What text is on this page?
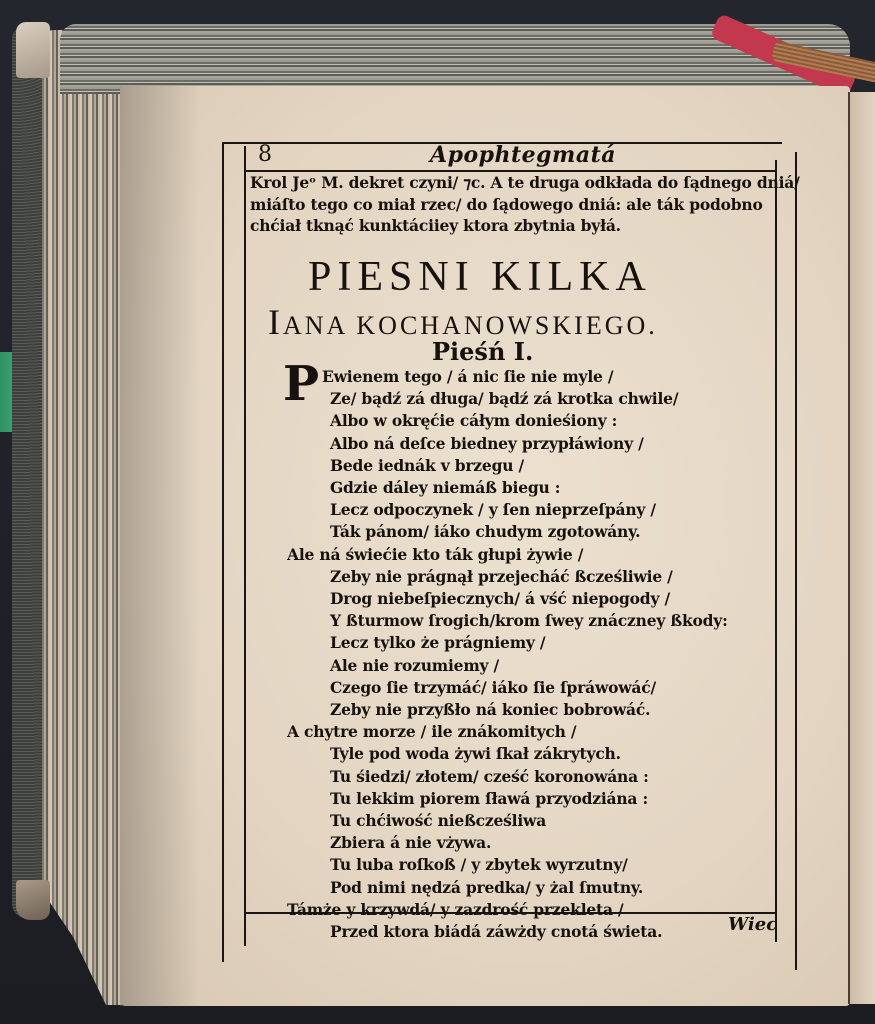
8	Apophtegmatá
Krol Jeᵒ M. dekret czyni/ ⁊c. A te druga odkłada do ſądnego dniá/
miáſto tego co miał rzec/ do ſądowego dniá: ale ták podobno
chćiał tknąć kunktáciiey ktora zbytnia byłá.
PIESNI KILKA
IANA KOCHANOWSKIEGO.
Pieśń I.
P Ewienem tego / á nic ſie nie myle /
Ze/ bądź zá długa/ bądź zá krotka chwile/
Albo w okręćie cáłym donieśiony :
Albo ná deſce biedney przypłáwiony /
Bede iednák v brzegu /
Gdzie dáley niemáß biegu :
Lecz odpoczynek / y ſen nieprzeſpány /
Ták pánom/ iáko chudym zgotowány.
Ale ná świećie kto ták głupi żywie /
Zeby nie prágnął przejecháć ßcześliwie /
Drog niebeſpiecznych/ á vść niepogody /
Y ßturmow ſrogich/krom ſwey znáczney ßkody:
Lecz tylko że prágniemy /
Ale nie rozumiemy /
Czego ſie trzymáć/ iáko ſie ſpráwowáć/
Zeby nie przyßło ná koniec bobrowáć.
A chytre morze / ile znákomitych /
Tyle pod woda żywi ſkał zákrytych.
Tu śiedzi/ złotem/ cześć koronowána :
Tu lekkim piorem ſławá przyodziána :
Tu chćiwość nießcześliwa
Zbiera á nie vżywa.
Tu luba roſkoß / y zbytek wyrzutny/
Pod nimi nędzá predka/ y żal ſmutny.
Támże y krzywdá/ y zazdrość przekleta /
Przed ktora biádá záwżdy cnotá świeta.	Wiec
